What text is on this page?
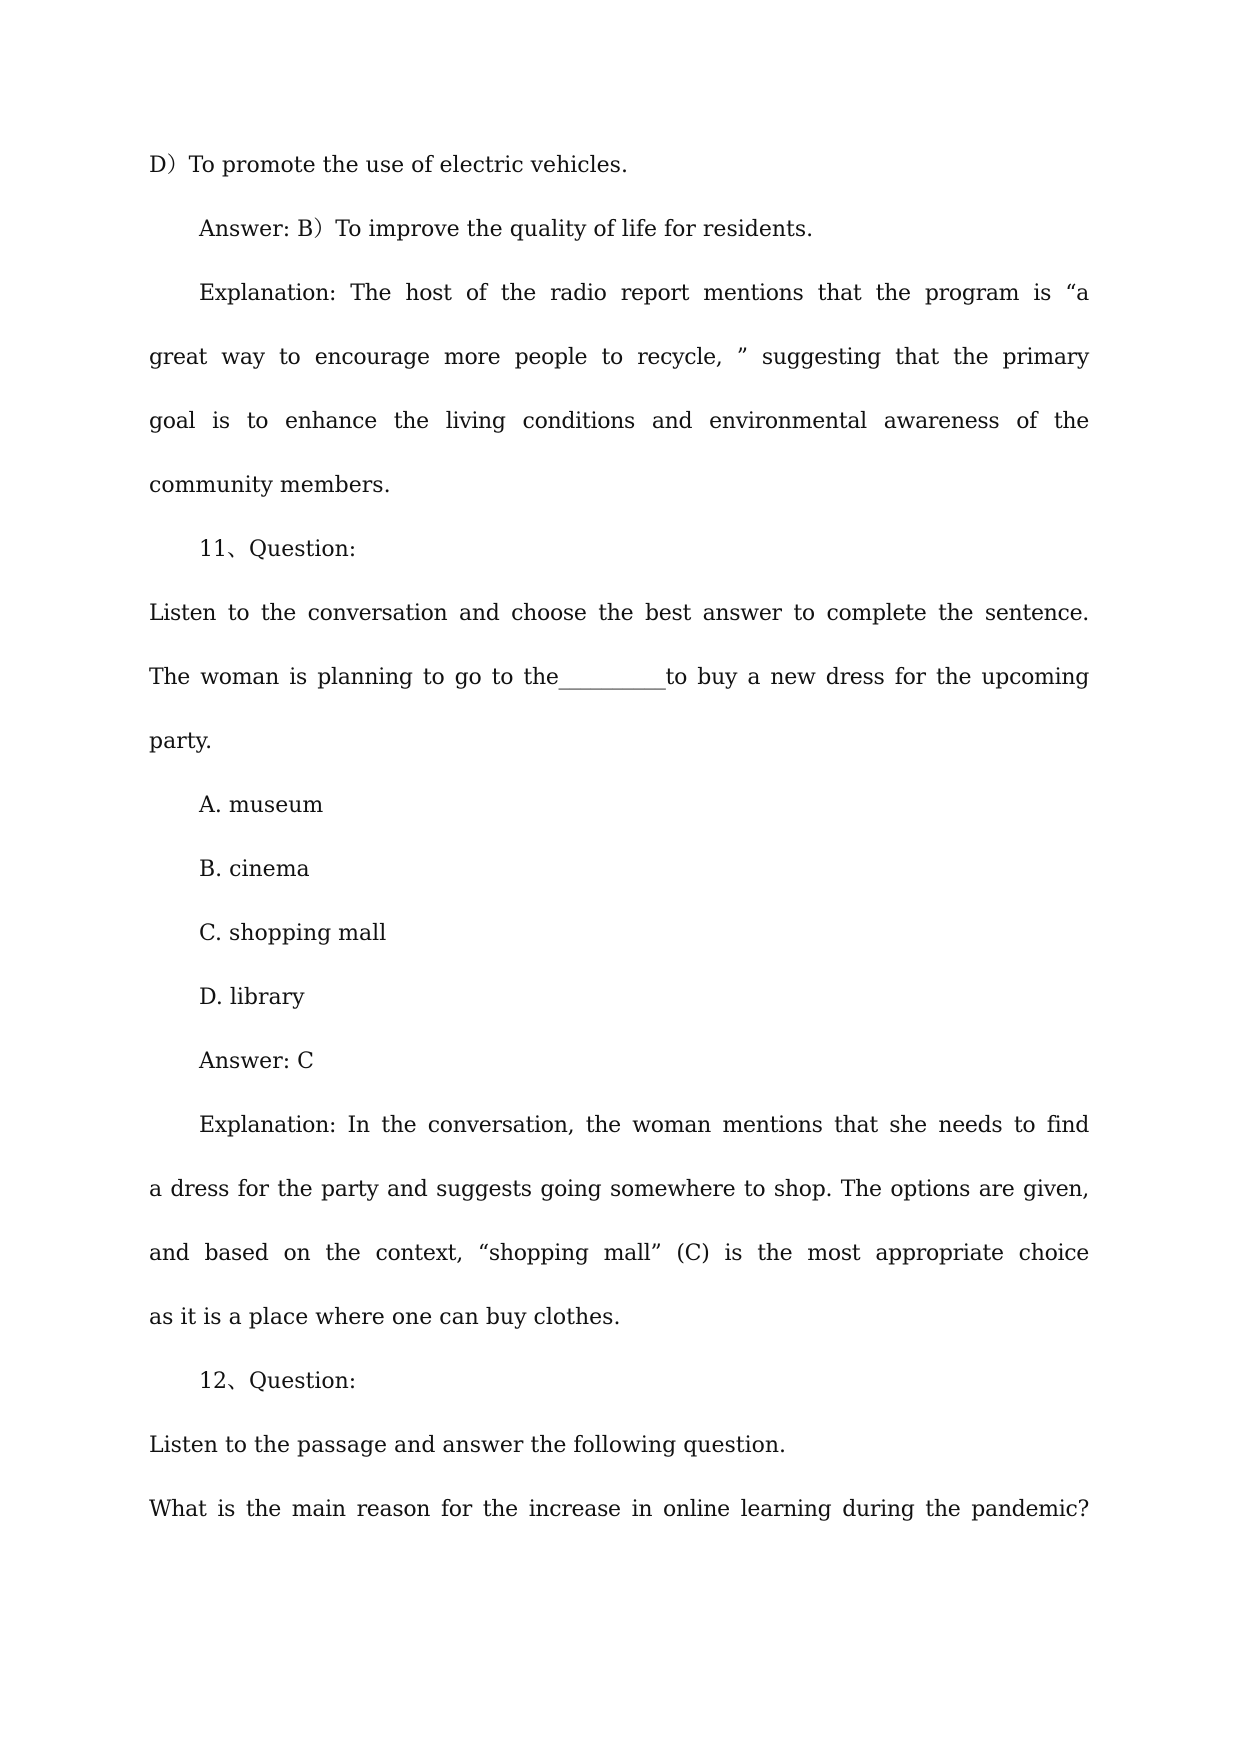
D）To promote the use of electric vehicles.
Answer: B）To improve the quality of life for residents.
Explanation: The host of the radio report mentions that the program is “a
great way to encourage more people to recycle, ” suggesting that the primary
goal is to enhance the living conditions and environmental awareness of the
community members.
11、Question:
Listen to the conversation and choose the best answer to complete the sentence.
The woman is planning to go to the__________to buy a new dress for the upcoming
party.
A. museum
B. cinema
C. shopping mall
D. library
Answer: C
Explanation: In the conversation, the woman mentions that she needs to find
a dress for the party and suggests going somewhere to shop. The options are given,
and based on the context, “shopping mall” (C) is the most appropriate choice
as it is a place where one can buy clothes.
12、Question:
Listen to the passage and answer the following question.
What is the main reason for the increase in online learning during the pandemic?
